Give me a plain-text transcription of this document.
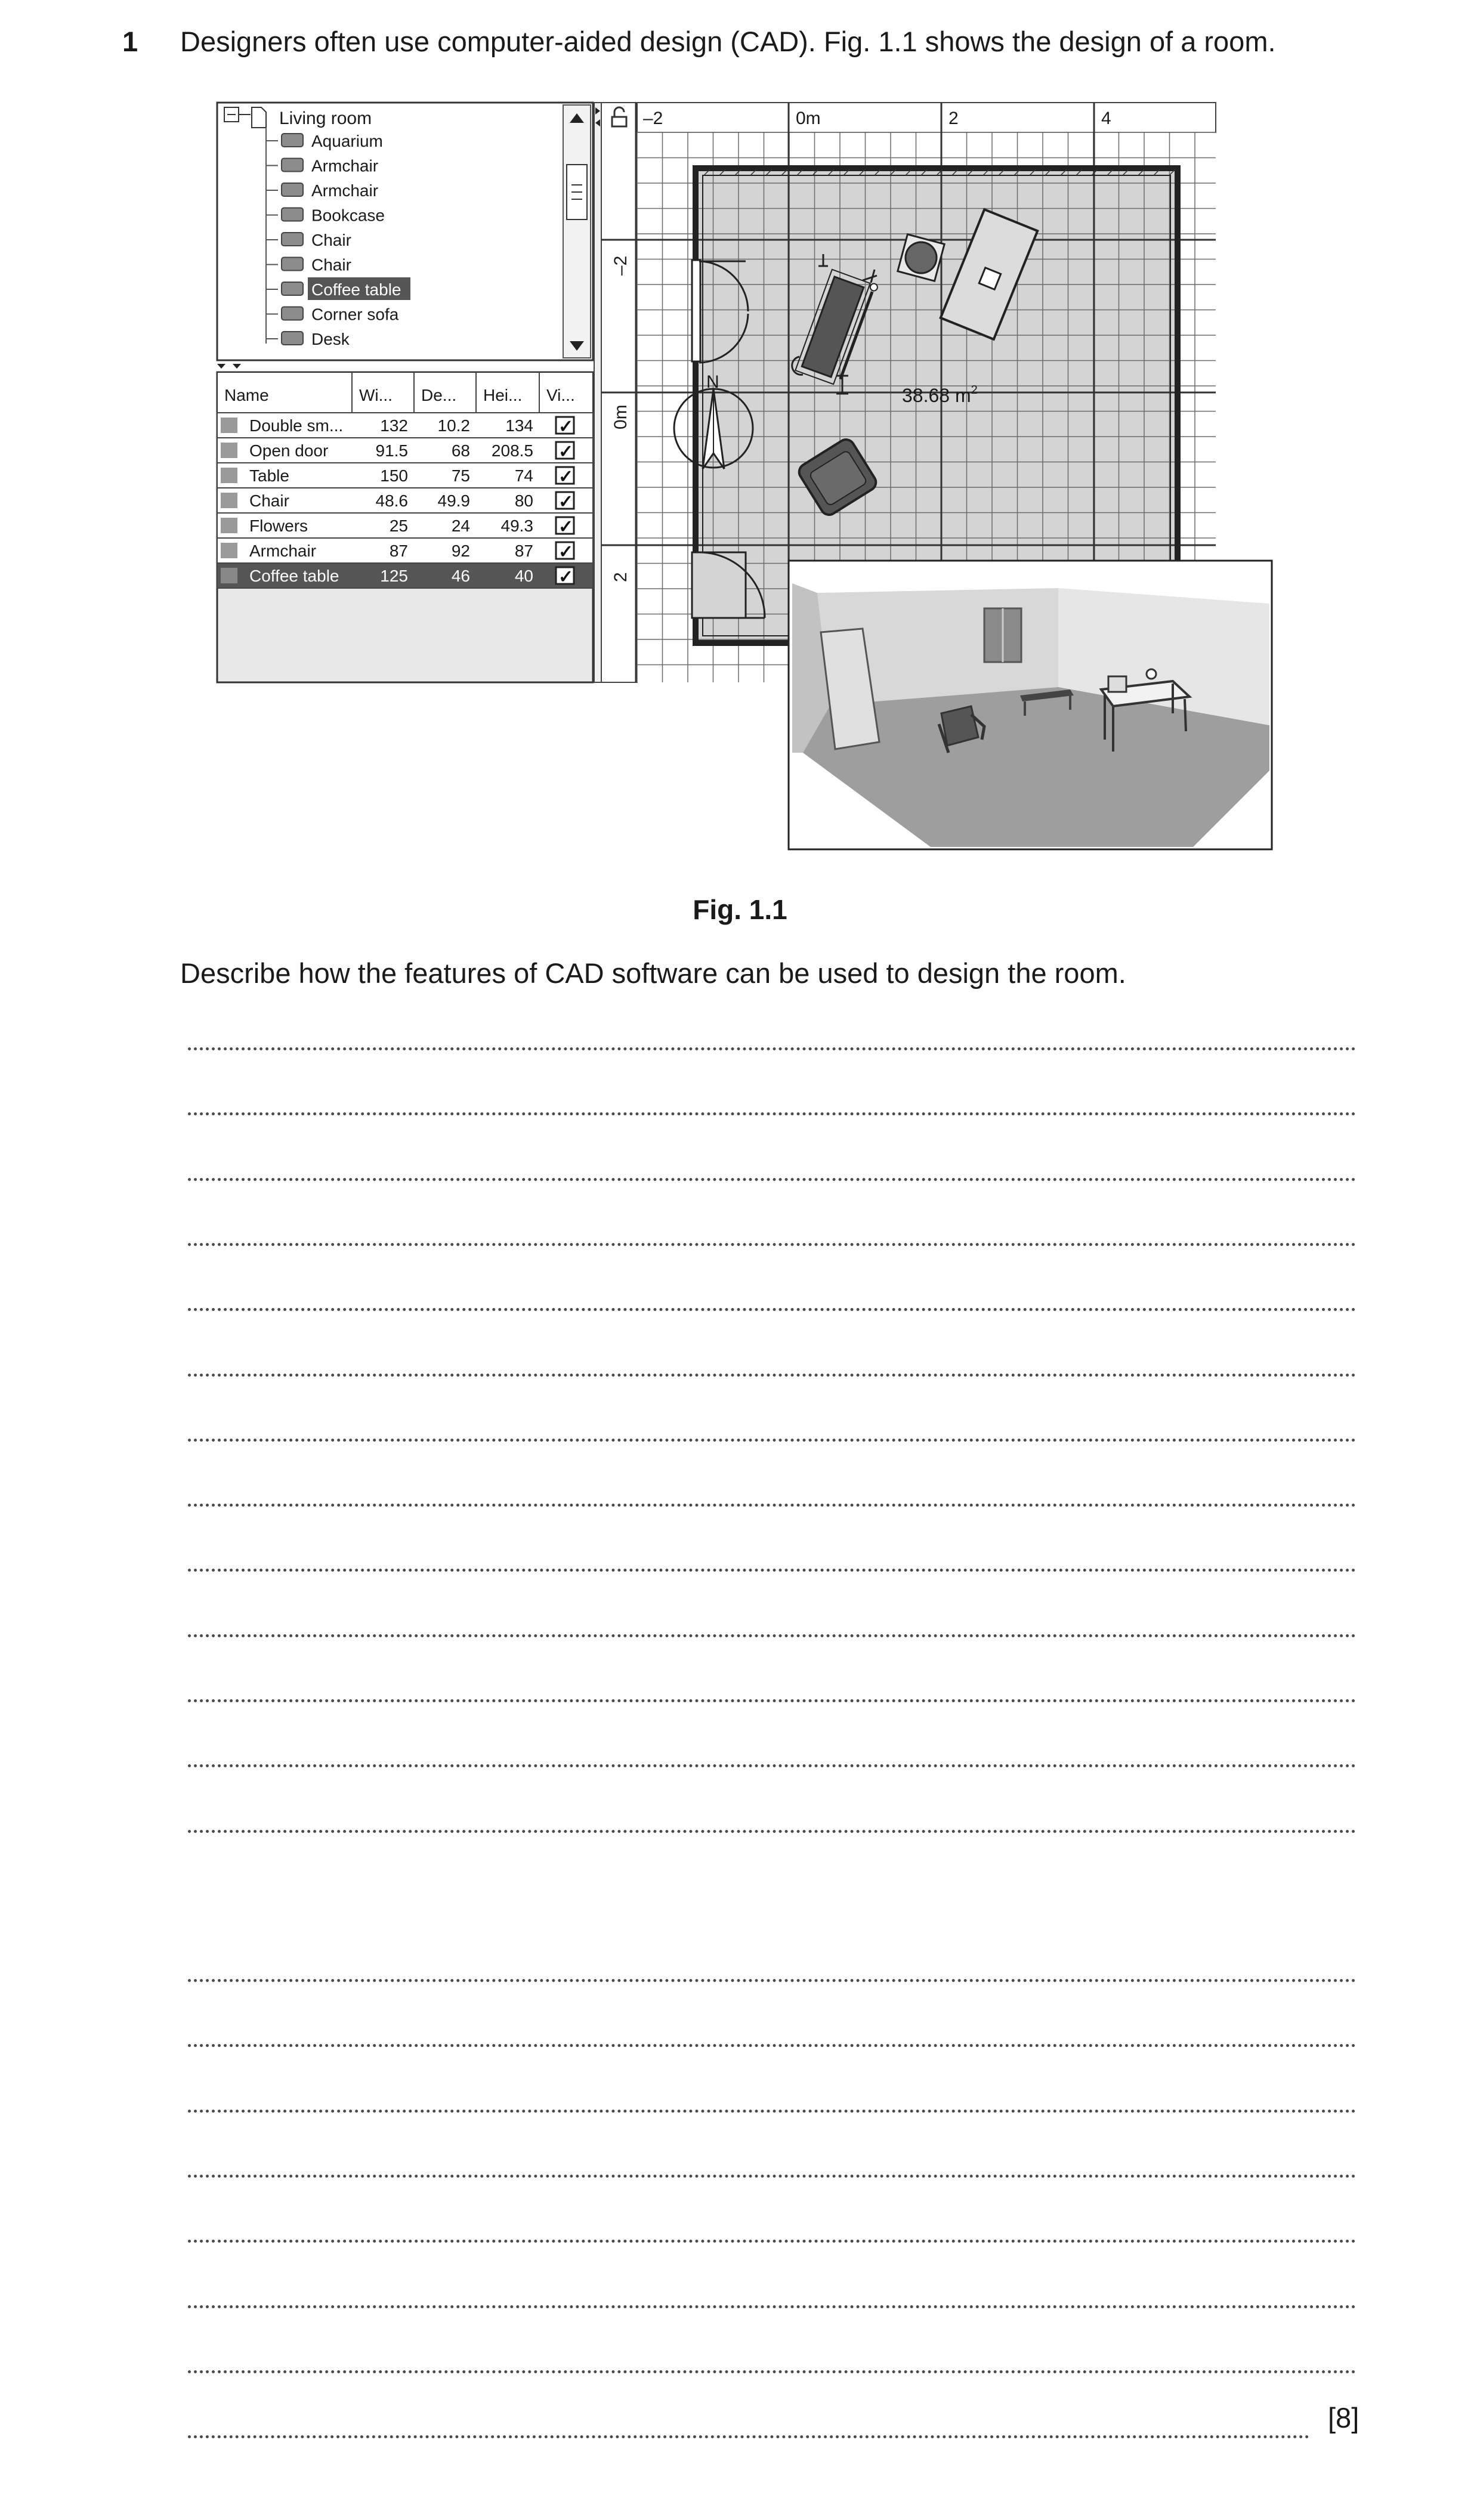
1 Designers often use computer-aided design (CAD). Fig. 1.1 shows the design of a room.
Living room
Aquarium
Armchair
Armchair
Bookcase
Chair
Chair
Coffee table
Corner sofa
Desk
Name	Wi... De... Hei... Vi...
Double sm... 132 10.2 134 ✓
Open door	91.5	68 208.5 ✓
Table	150	75	74 ✓
Chair	48.6 49.9	80 ✓
Flowers	25	24 49.3 ✓
Armchair	87	92	87 ✓
Coffee table 125	46	40 ✓
N
38.68 $m^2$
–2	0m	2	4
–2
0m
2
Fig. 1.1
Describe how the features of CAD software can be used to design the room.
[8]
